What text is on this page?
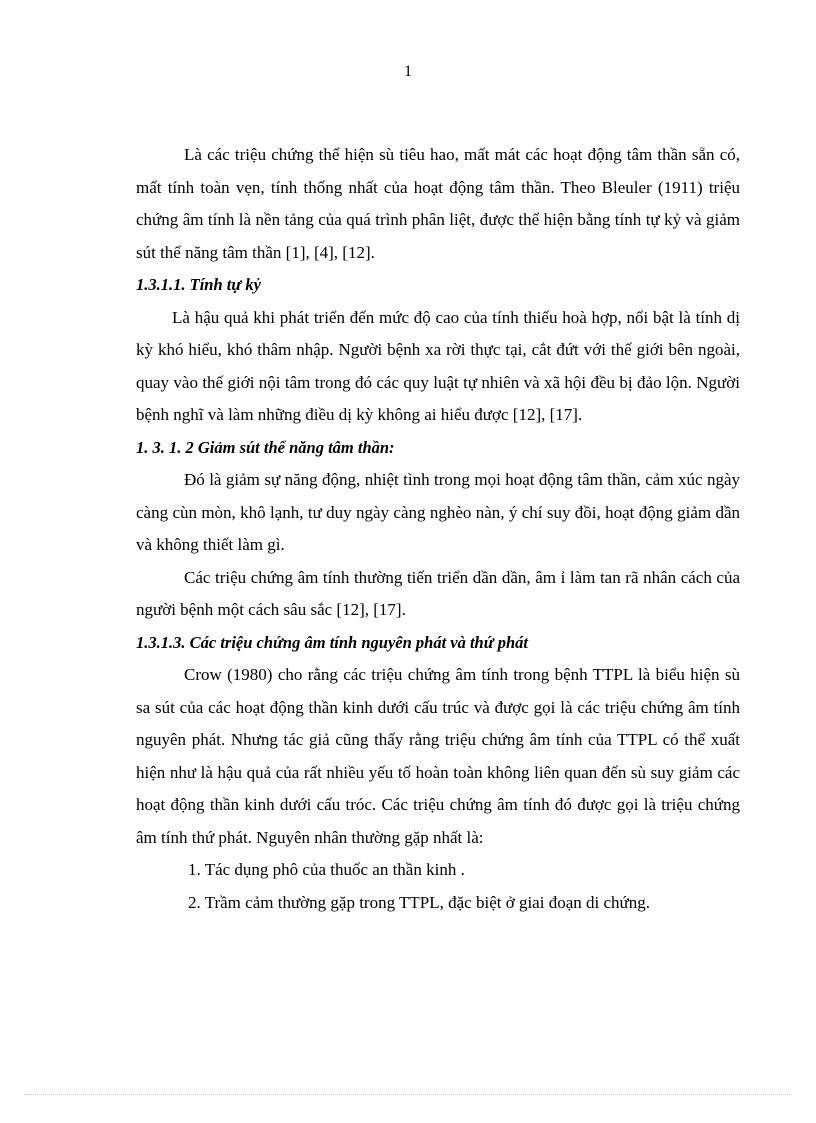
1

Là các triệu chứng thể hiện sù tiêu hao, mất mát các hoạt động tâm thần sẵn có, mất tính toàn vẹn, tính thống nhất của hoạt động tâm thần. Theo Bleuler (1911) triệu chứng âm tính là nền tảng của quá trình phân liệt, được thể hiện bằng tính tự kỷ và giảm sút thể năng tâm thần [1], [4], [12].

1.3.1.1. Tính tự kỷ

Là hậu quả khi phát triển đến mức độ cao của tính thiếu hoà hợp, nổi bật là tính dị kỳ khó hiểu, khó thâm nhập. Người bệnh xa rời thực tại, cắt đứt với thế giới bên ngoài, quay vào thế giới nội tâm trong đó các quy luật tự nhiên và xã hội đều bị đảo lộn. Người bệnh nghĩ và làm những điều dị kỳ không ai hiểu được [12], [17].

1. 3. 1. 2 Giảm sút thể năng tâm thần:

Đó là giảm sự năng động, nhiệt tình trong mọi hoạt động tâm thần, cảm xúc ngày càng cùn mòn, khô lạnh, tư duy ngày càng nghèo nàn, ý chí suy đồi, hoạt động giảm dần và không thiết làm gì.

Các triệu chứng âm tính thường tiến triển dần dần, âm ỉ làm tan rã nhân cách của người bệnh một cách sâu sắc [12], [17].

1.3.1.3. Các triệu chứng âm tính nguyên phát và thứ phát

Crow (1980) cho rằng các triệu chứng âm tính trong bệnh TTPL là biểu hiện sù sa sút của các hoạt động thần kinh dưới cấu trúc và được gọi là các triệu chứng âm tính nguyên phát. Nhưng tác giả cũng thấy rằng triệu chứng âm tính của TTPL có thể xuất hiện như là hậu quả của rất nhiều yếu tố hoàn toàn không liên quan đến sù suy giảm các hoạt động thần kinh dưới cấu tróc. Các triệu chứng âm tính đó được gọi là triệu chứng âm tính thứ phát. Nguyên nhân thường gặp nhất là:

1. Tác dụng phô của thuốc an thần kinh .

2. Trầm cảm thường gặp trong TTPL, đặc biệt ở giai đoạn di chứng.
